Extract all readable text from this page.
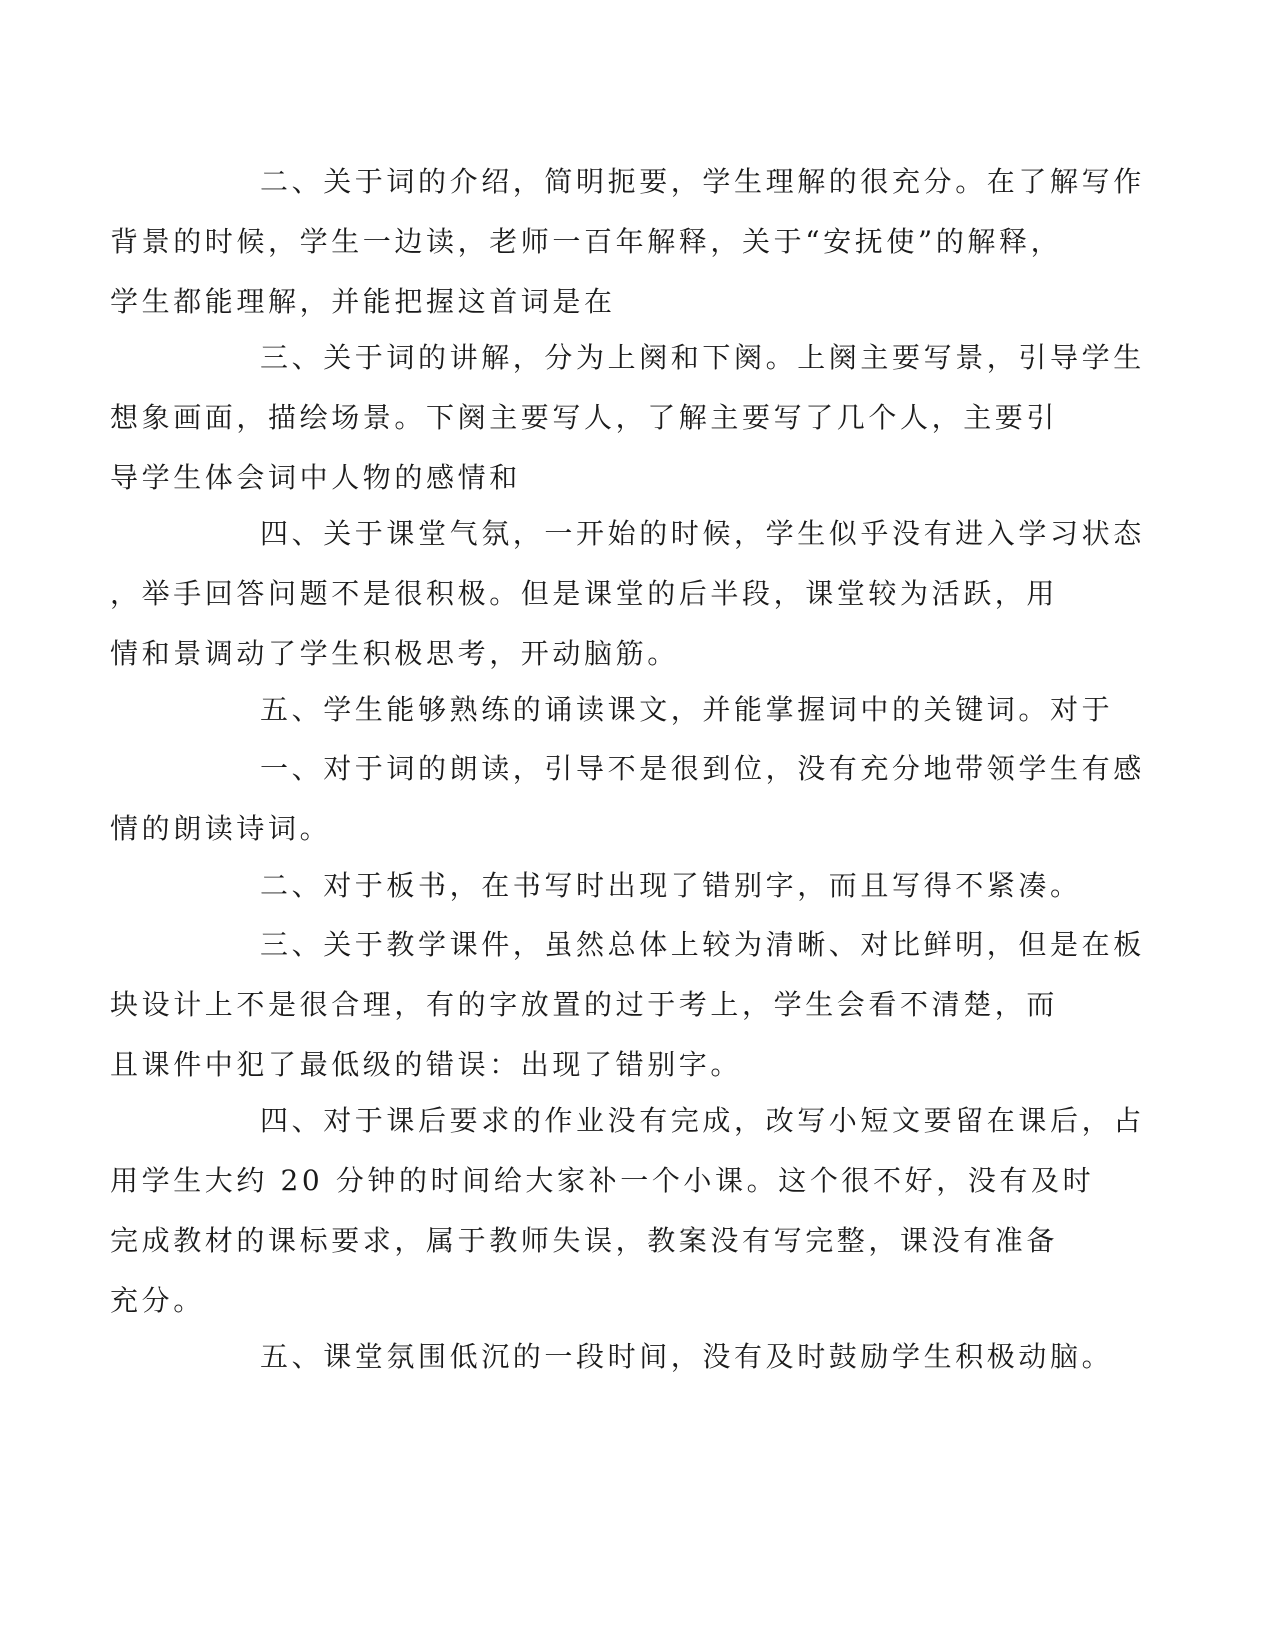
二、关于词的介绍，简明扼要，学生理解的很充分。在了解写作
背景的时候，学生一边读，老师一百年解释，关于“安抚使”的解释，
学生都能理解，并能把握这首词是在

三、关于词的讲解，分为上阕和下阕。上阕主要写景，引导学生
想象画面，描绘场景。下阕主要写人，了解主要写了几个人，主要引
导学生体会词中人物的感情和

四、关于课堂气氛，一开始的时候，学生似乎没有进入学习状态
，举手回答问题不是很积极。但是课堂的后半段，课堂较为活跃，用
情和景调动了学生积极思考，开动脑筋。

五、学生能够熟练的诵读课文，并能掌握词中的关键词。对于

一、对于词的朗读，引导不是很到位，没有充分地带领学生有感
情的朗读诗词。

二、对于板书，在书写时出现了错别字，而且写得不紧凑。

三、关于教学课件，虽然总体上较为清晰、对比鲜明，但是在板
块设计上不是很合理，有的字放置的过于考上，学生会看不清楚，而
且课件中犯了最低级的错误：出现了错别字。

四、对于课后要求的作业没有完成，改写小短文要留在课后，占
用学生大约 20 分钟的时间给大家补一个小课。这个很不好，没有及时
完成教材的课标要求，属于教师失误，教案没有写完整，课没有准备
充分。

五、课堂氛围低沉的一段时间，没有及时鼓励学生积极动脑。
